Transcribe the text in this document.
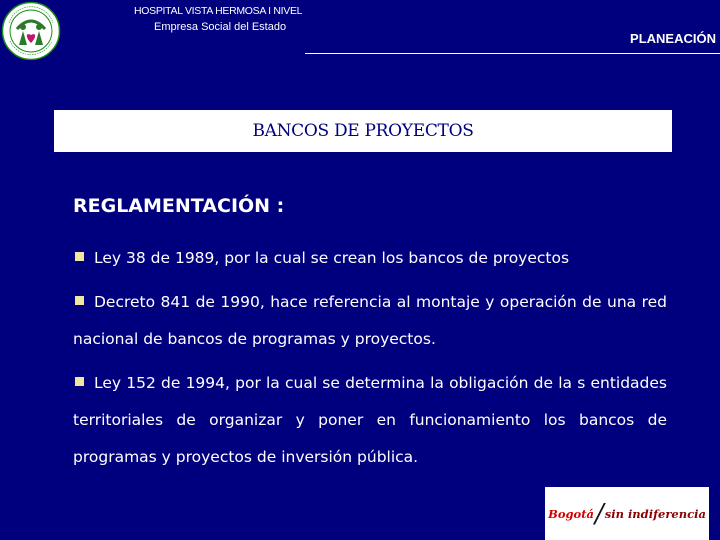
HOSPITAL VISTA HERMOSA I NIVEL
Empresa Social del Estado
PLANEACIÓN
BANCOS DE PROYECTOS
REGLAMENTACIÓN :
Ley 38 de 1989, por la cual se crean los bancos de proyectos
Decreto 841 de 1990, hace referencia al montaje y operación de una red nacional de bancos de programas y proyectos.
Ley 152 de 1994, por la cual se determina la obligación de la s entidades territoriales de organizar y poner en funcionamiento los bancos de programas y proyectos de inversión pública.
Bogotá / sin indiferencia
